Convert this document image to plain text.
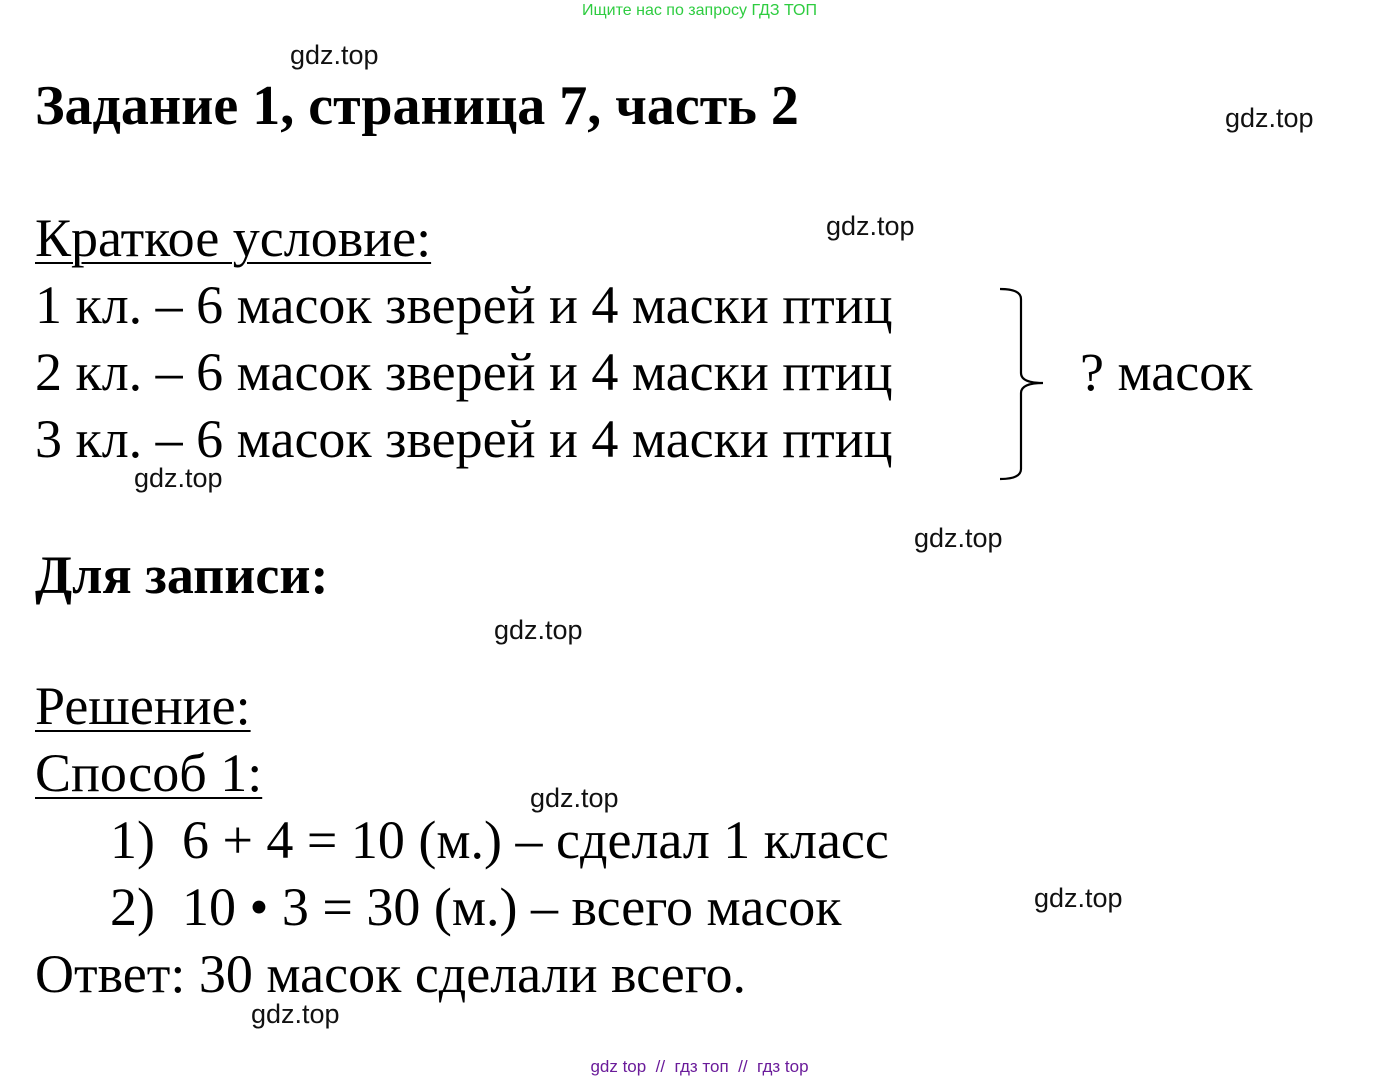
Ищите нас по запросу ГДЗ ТОП
gdz.top
gdz.top
gdz.top
gdz.top
gdz.top
gdz.top
gdz.top
gdz.top
gdz.top
Задание 1, страница 7, часть 2
Краткое условие:
1 кл. – 6 масок зверей и 4 маски птиц
2 кл. – 6 масок зверей и 4 маски птиц
3 кл. – 6 масок зверей и 4 маски птиц
? масок
Для записи:
Решение:
Способ 1:
1)  6 + 4 = 10 (м.) – сделал 1 класс
2)  10 • 3 = 30 (м.) – всего масок
Ответ: 30 масок сделали всего.
gdz top  //  гдз топ  //  гдз top
